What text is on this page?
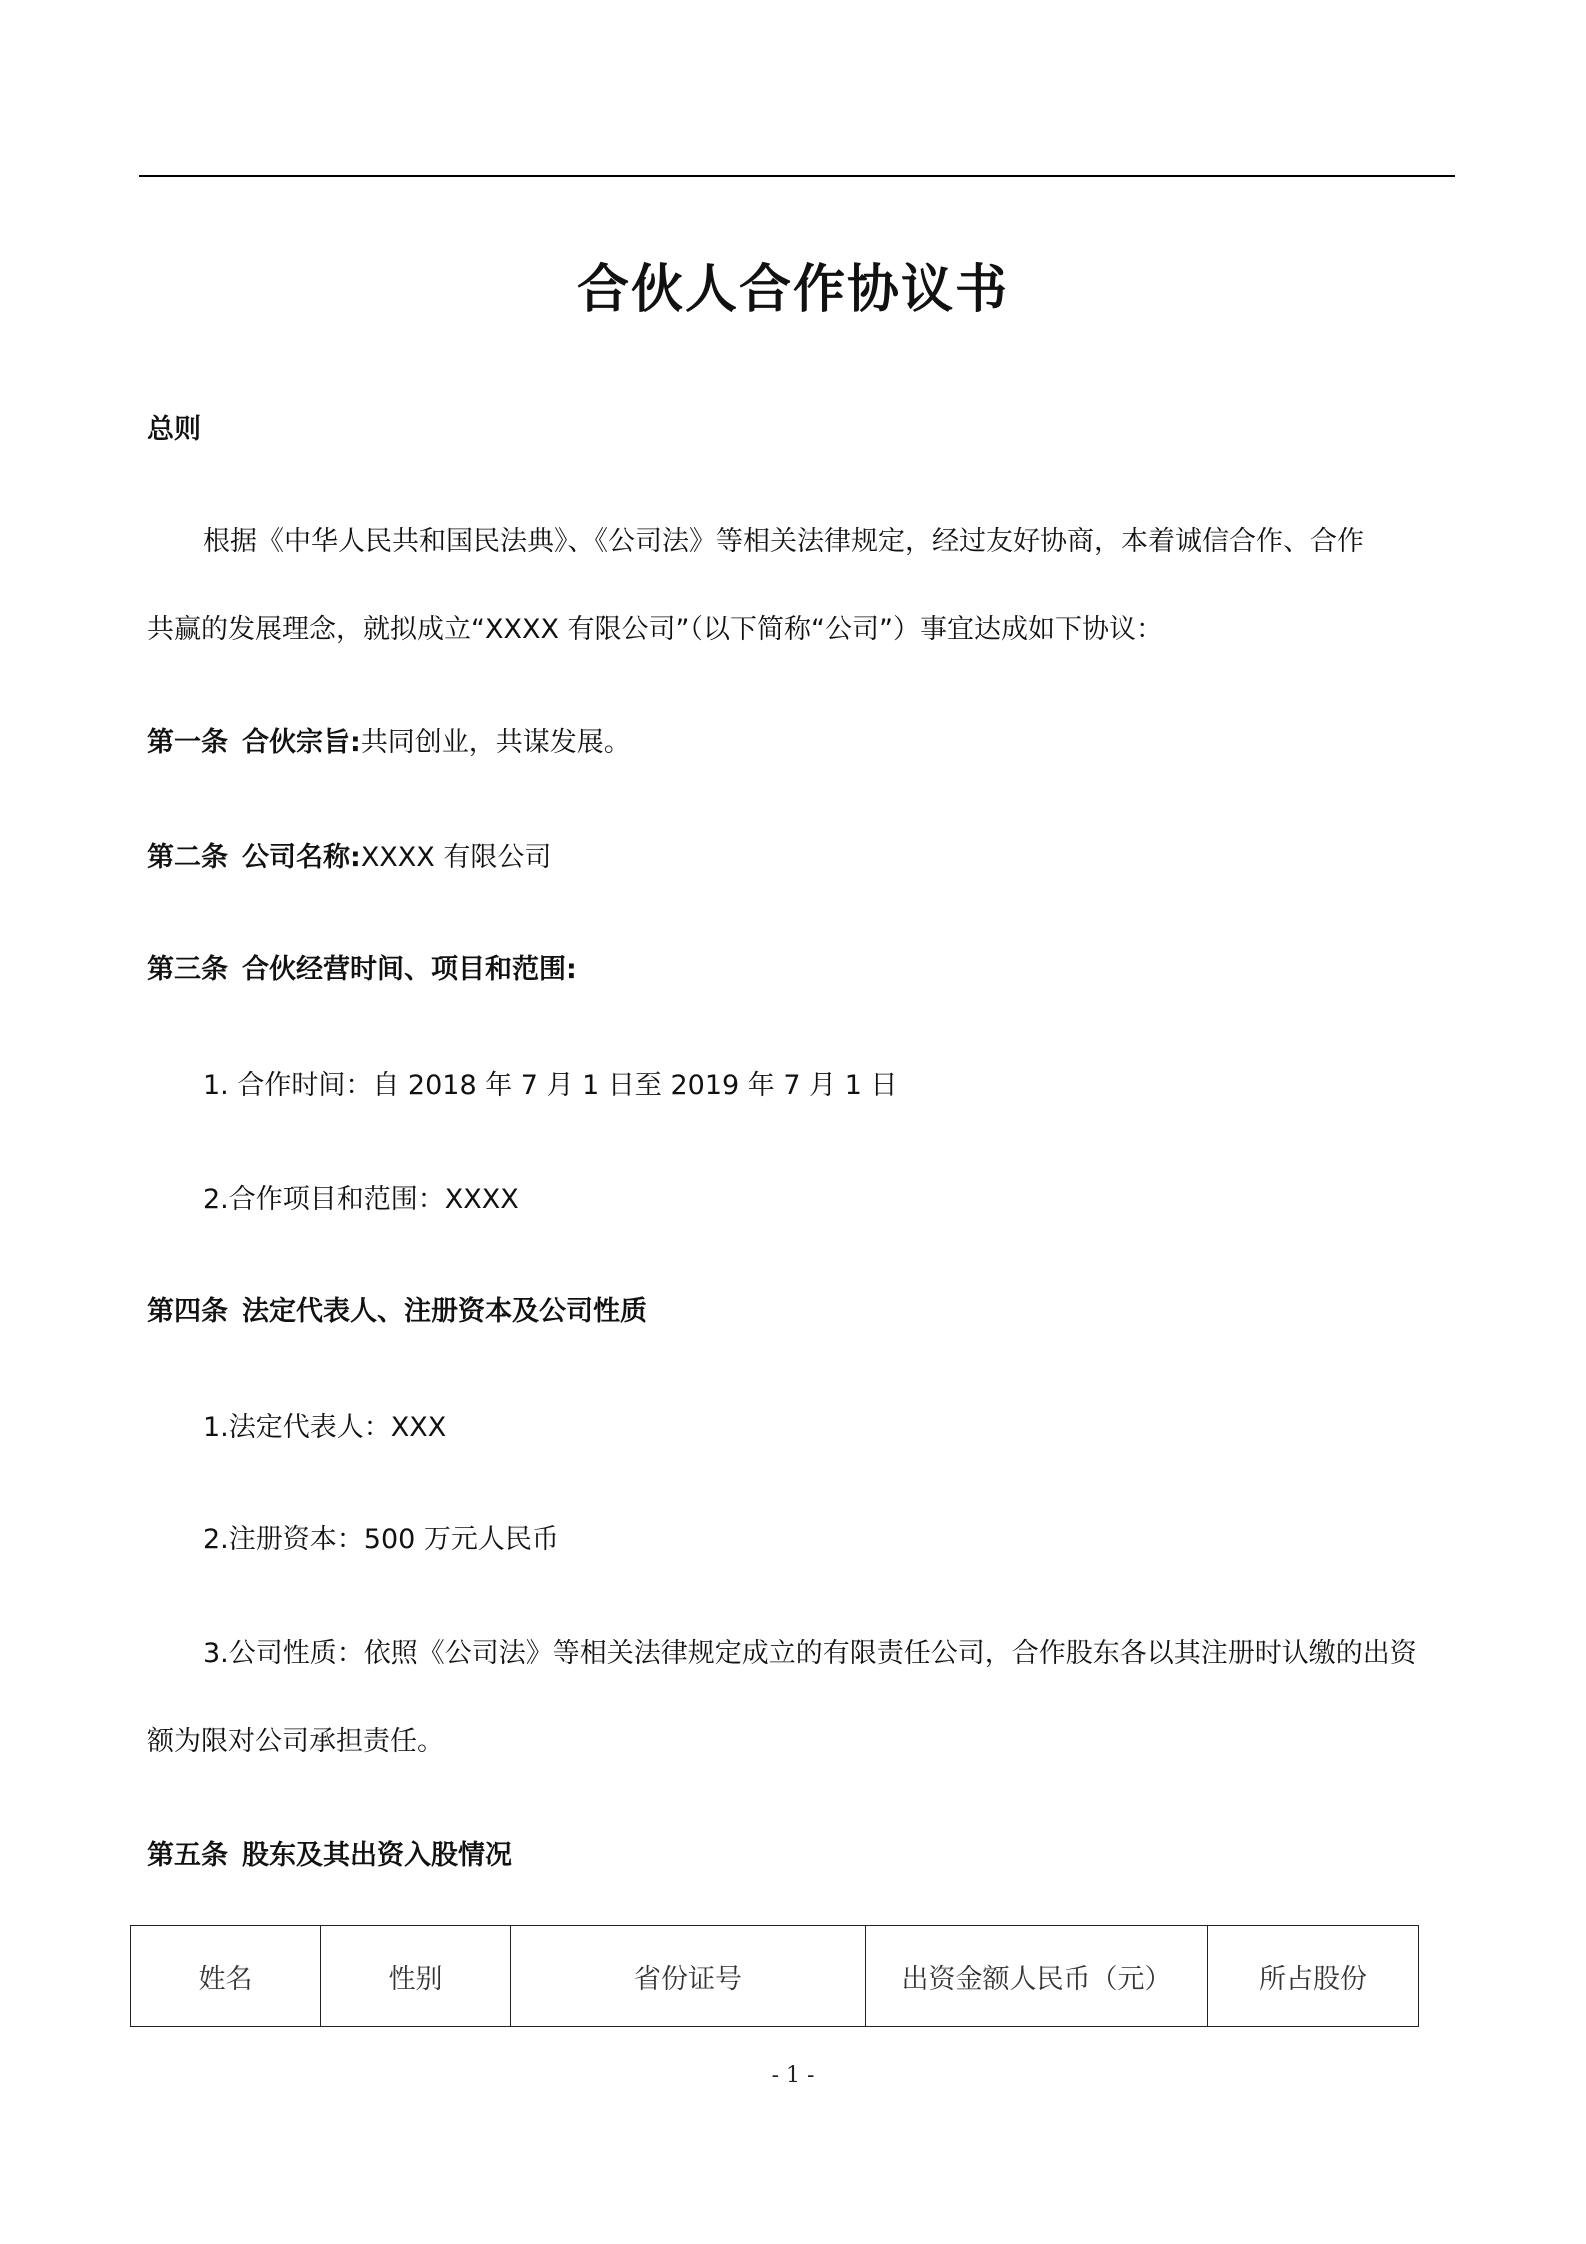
合伙人合作协议书

总则

根据《中华人民共和国民法典》、《公司法》等相关法律规定，经过友好协商，本着诚信合作、合作

共赢的发展理念，就拟成立“XXXX 有限公司”（以下简称“公司”）事宜达成如下协议：

第一条 合伙宗旨:共同创业，共谋发展。

第二条 公司名称:XXXX 有限公司

第三条 合伙经营时间、项目和范围:

1. 合作时间：自 2018 年 7 月 1 日至 2019 年 7 月 1 日

2.合作项目和范围：XXXX

第四条 法定代表人、注册资本及公司性质

1.法定代表人：XXX

2.注册资本：500 万元人民币

3.公司性质：依照《公司法》等相关法律规定成立的有限责任公司，合作股东各以其注册时认缴的出资

额为限对公司承担责任。

第五条 股东及其出资入股情况

姓名	性别	省份证号	出资金额人民币（元）	所占股份

- 1 -
